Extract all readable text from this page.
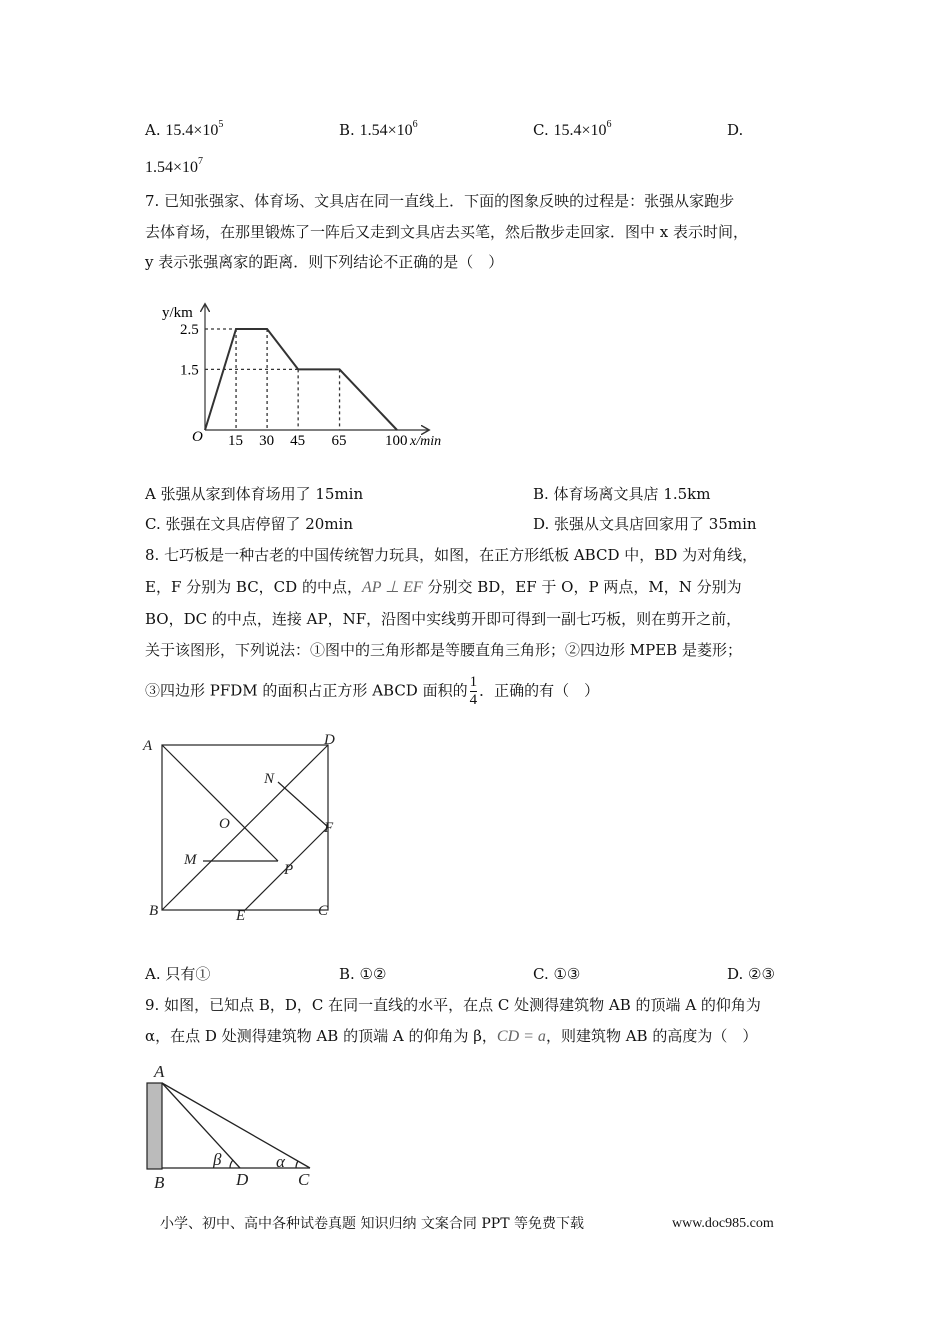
A. $15.4\times 10^5$	B. $1.54\times 10^6$	C. $15.4\times 10^6$	D.
$1.54\times 10^7$
7. 已知张强家、体育场、文具店在同一直线上．下面的图象反映的过程是：张强从家跑步
去体育场，在那里锻炼了一阵后又走到文具店去买笔，然后散步走回家．图中 x 表示时间，
y 表示张强离家的距离．则下列结论不正确的是（　）
15 30 45 65	100
2.5
1.5
y/km
x/min
O
A 张强从家到体育场用了 15min	B. 体育场离文具店 1.5km
C. 张强在文具店停留了 20min	D. 张强从文具店回家用了 35min
8. 七巧板是一种古老的中国传统智力玩具，如图，在正方形纸板 ABCD 中，BD 为对角线，
E，F 分别为 BC，CD 的中点，AP ⊥ EF 分别交 BD，EF 于 O，P 两点，M，N 分别为
BO，DC 的中点，连接 AP，NF，沿图中实线剪开即可得到一副七巧板，则在剪开之前，
关于该图形，下列说法：①图中的三角形都是等腰直角三角形；②四边形 MPEB 是菱形；
③四边形 PFDM 的面积占正方形 ABCD 面积的 $\frac{1}{4}$ ．正确的有（　）
A	D
N
O	F
M
P
B	E	C
A. 只有①	B. ①②	C. ①③	D. ②③
9. 如图，已知点 B，D，C 在同一直线的水平，在点 C 处测得建筑物 AB 的顶端 A 的仰角为
α，在点 D 处测得建筑物 AB 的顶端 A 的仰角为 β，CD = a，则建筑物 AB 的高度为（　）
A
B	D	C
β	α
小学、初中、高中各种试卷真题 知识归纳 文案合同 PPT 等免费下载	www.doc985.com
